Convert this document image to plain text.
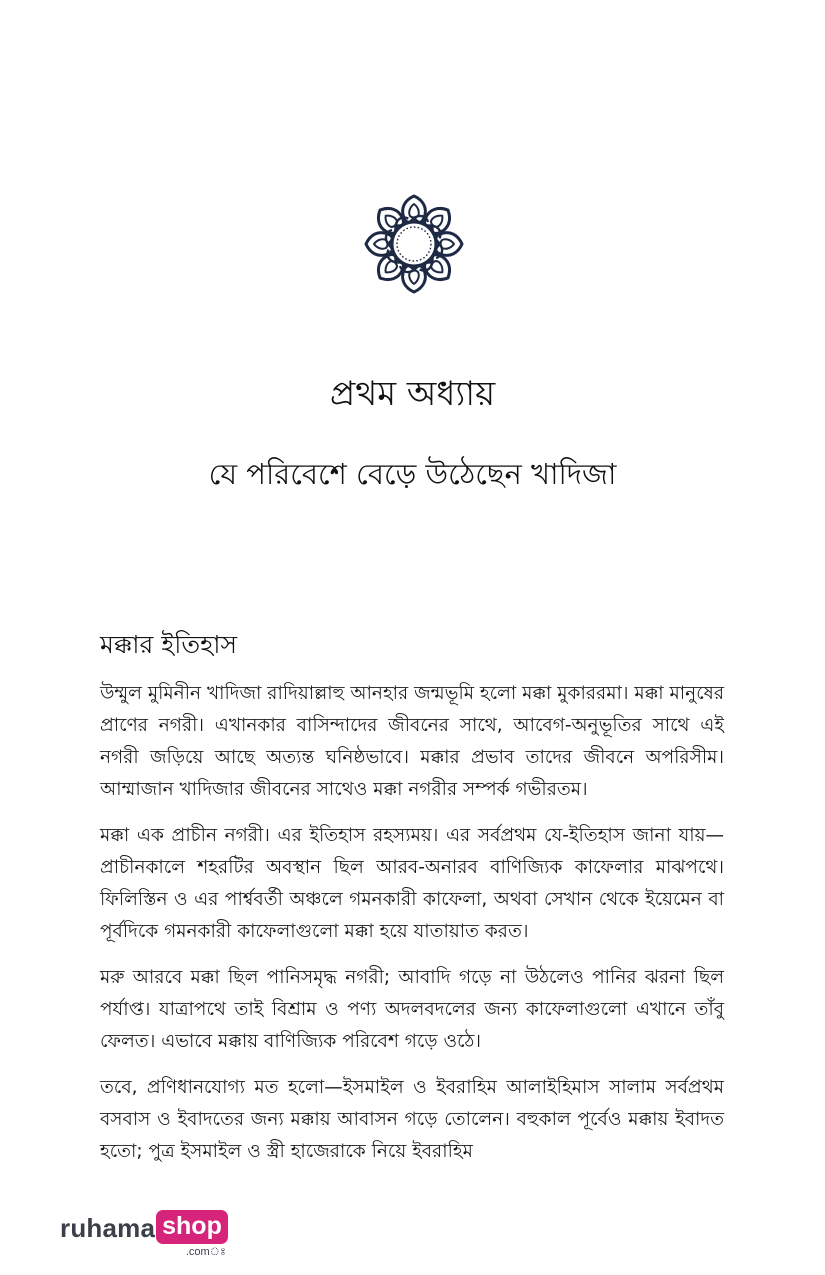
প্রথম অধ্যায়
যে পরিবেশে বেড়ে উঠেছেন খাদিজা
মক্কার ইতিহাস

উম্মুল মুমিনীন খাদিজা রাদিয়াল্লাহু আনহার জন্মভূমি হলো মক্কা মুকাররমা। মক্কা মানুষের প্রাণের নগরী। এখানকার বাসিন্দাদের জীবনের সাথে, আবেগ-অনুভূতির সাথে এই নগরী জড়িয়ে আছে অত্যন্ত ঘনিষ্ঠভাবে। মক্কার প্রভাব তাদের জীবনে অপরিসীম। আম্মাজান খাদিজার জীবনের সাথেও মক্কা নগরীর সম্পর্ক গভীরতম।

মক্কা এক প্রাচীন নগরী। এর ইতিহাস রহস্যময়। এর সর্বপ্রথম যে-ইতিহাস জানা যায়—প্রাচীনকালে শহরটির অবস্থান ছিল আরব-অনারব বাণিজ্যিক কাফেলার মাঝপথে। ফিলিস্তিন ও এর পার্শ্ববর্তী অঞ্চলে গমনকারী কাফেলা, অথবা সেখান থেকে ইয়েমেন বা পূর্বদিকে গমনকারী কাফেলাগুলো মক্কা হয়ে যাতায়াত করত।

মরু আরবে মক্কা ছিল পানিসমৃদ্ধ নগরী; আবাদি গড়ে না উঠলেও পানির ঝরনা ছিল পর্যাপ্ত। যাত্রাপথে তাই বিশ্রাম ও পণ্য অদলবদলের জন্য কাফেলাগুলো এখানে তাঁবু ফেলত। এভাবে মক্কায় বাণিজ্যিক পরিবেশ গড়ে ওঠে।

তবে, প্রণিধানযোগ্য মত হলো—ইসমাইল ও ইবরাহিম আলাইহিমাস সালাম সর্বপ্রথম বসবাস ও ইবাদতের জন্য মক্কায় আবাসন গড়ে তোলেন। বহুকাল পূর্বেও মক্কায় ইবাদত হতো; পুত্র ইসমাইল ও স্ত্রী হাজেরাকে নিয়ে ইবরাহিম

ruhama shop
.comঃ
